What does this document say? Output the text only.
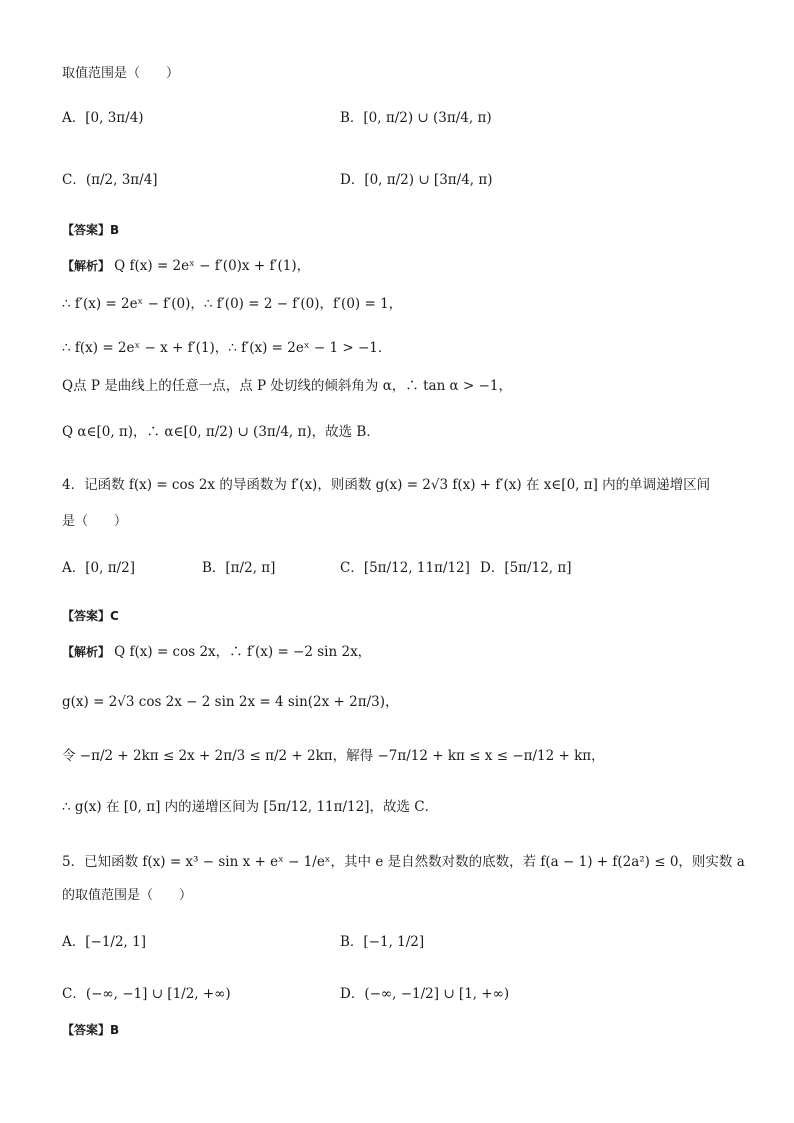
取值范围是（　　）
A．[0, 3π/4)	B．[0, π/2) ∪ (3π/4, π)
C．(π/2, 3π/4]	D．[0, π/2) ∪ [3π/4, π)
【答案】B
【解析】 Q f(x) = 2eˣ − f′(0)x + f′(1)，
∴ f′(x) = 2eˣ − f′(0)，∴ f′(0) = 2 − f′(0)，f′(0) = 1，
∴ f(x) = 2eˣ − x + f′(1)，∴ f′(x) = 2eˣ − 1 > −1．
Q点 P 是曲线上的任意一点，点 P 处切线的倾斜角为 α，∴ tan α > −1，
Q α∈[0, π)，∴ α∈[0, π/2) ∪ (3π/4, π)，故选 B．
4．记函数 f(x) = cos 2x 的导函数为 f′(x)，则函数 g(x) = 2√3 f(x) + f′(x) 在 x∈[0, π] 内的单调递增区间
是（　　）
A．[0, π/2]	B．[π/2, π]	C．[5π/12, 11π/12] D．[5π/12, π]
【答案】C
【解析】 Q f(x) = cos 2x，∴ f′(x) = −2 sin 2x，
g(x) = 2√3 cos 2x − 2 sin 2x = 4 sin(2x + 2π/3)，
令 −π/2 + 2kπ ≤ 2x + 2π/3 ≤ π/2 + 2kπ，解得 −7π/12 + kπ ≤ x ≤ −π/12 + kπ，
∴ g(x) 在 [0, π] 内的递增区间为 [5π/12, 11π/12]，故选 C．
5．已知函数 f(x) = x³ − sin x + eˣ − 1/eˣ，其中 e 是自然数对数的底数，若 f(a − 1) + f(2a²) ≤ 0，则实数 a
的取值范围是（　　）
A．[−1/2, 1]	B．[−1, 1/2]
C．(−∞, −1] ∪ [1/2, +∞)	D．(−∞, −1/2] ∪ [1, +∞)
【答案】B
